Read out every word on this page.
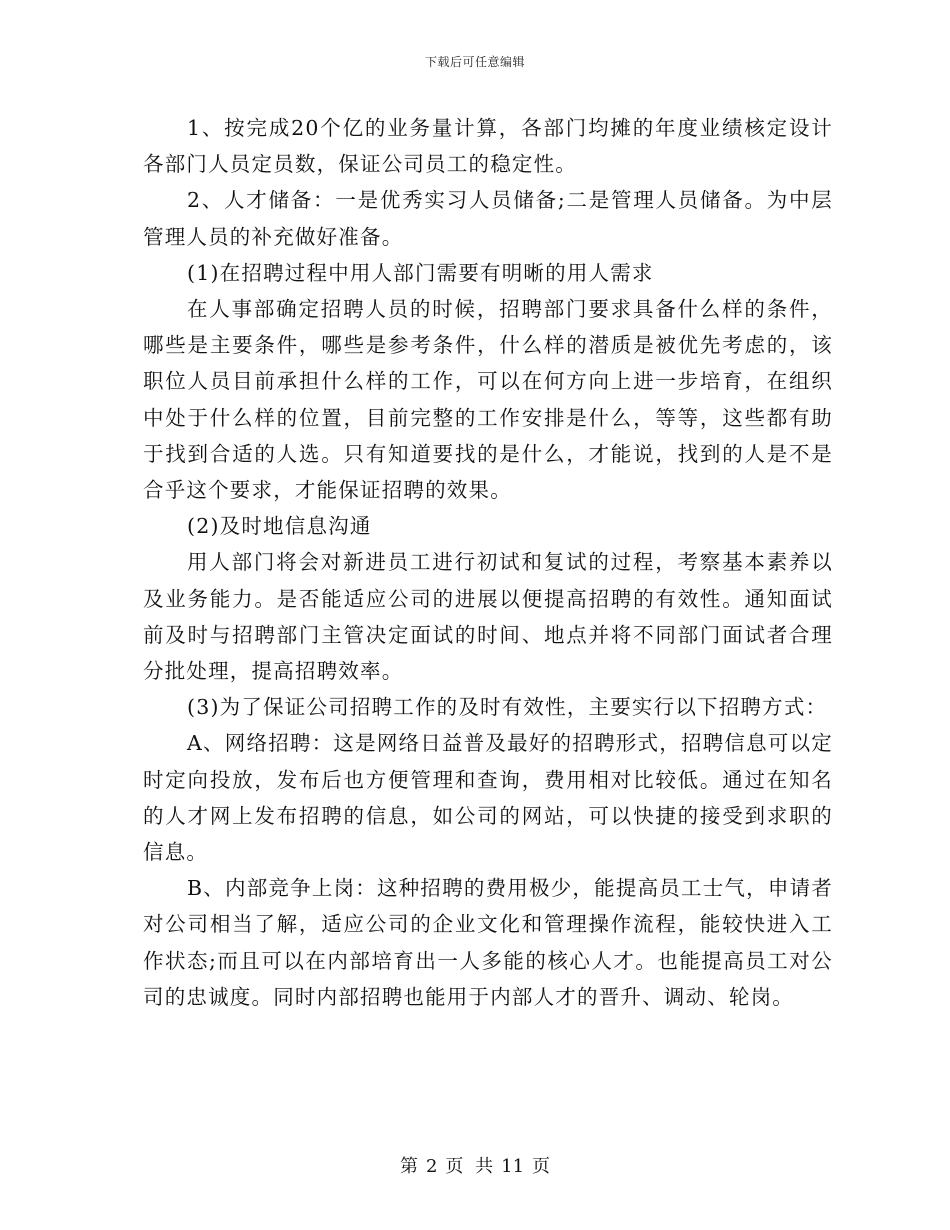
下载后可任意编辑

1、按完成20个亿的业务量计算，各部门均摊的年度业绩核定设计各部门人员定员数，保证公司员工的稳定性。

2、人才储备：一是优秀实习人员储备;二是管理人员储备。为中层管理人员的补充做好准备。

(1)在招聘过程中用人部门需要有明晰的用人需求

在人事部确定招聘人员的时候，招聘部门要求具备什么样的条件，哪些是主要条件，哪些是参考条件，什么样的潜质是被优先考虑的，该职位人员目前承担什么样的工作，可以在何方向上进一步培育，在组织中处于什么样的位置，目前完整的工作安排是什么，等等，这些都有助于找到合适的人选。只有知道要找的是什么，才能说，找到的人是不是合乎这个要求，才能保证招聘的效果。

(2)及时地信息沟通

用人部门将会对新进员工进行初试和复试的过程，考察基本素养以及业务能力。是否能适应公司的进展以便提高招聘的有效性。通知面试前及时与招聘部门主管决定面试的时间、地点并将不同部门面试者合理分批处理，提高招聘效率。

(3)为了保证公司招聘工作的及时有效性，主要实行以下招聘方式：

A、网络招聘：这是网络日益普及最好的招聘形式，招聘信息可以定时定向投放，发布后也方便管理和查询，费用相对比较低。通过在知名的人才网上发布招聘的信息，如公司的网站，可以快捷的接受到求职的信息。

B、内部竞争上岗：这种招聘的费用极少，能提高员工士气，申请者对公司相当了解，适应公司的企业文化和管理操作流程，能较快进入工作状态;而且可以在内部培育出一人多能的核心人才。也能提高员工对公司的忠诚度。同时内部招聘也能用于内部人才的晋升、调动、轮岗。

第 2 页 共 11 页
